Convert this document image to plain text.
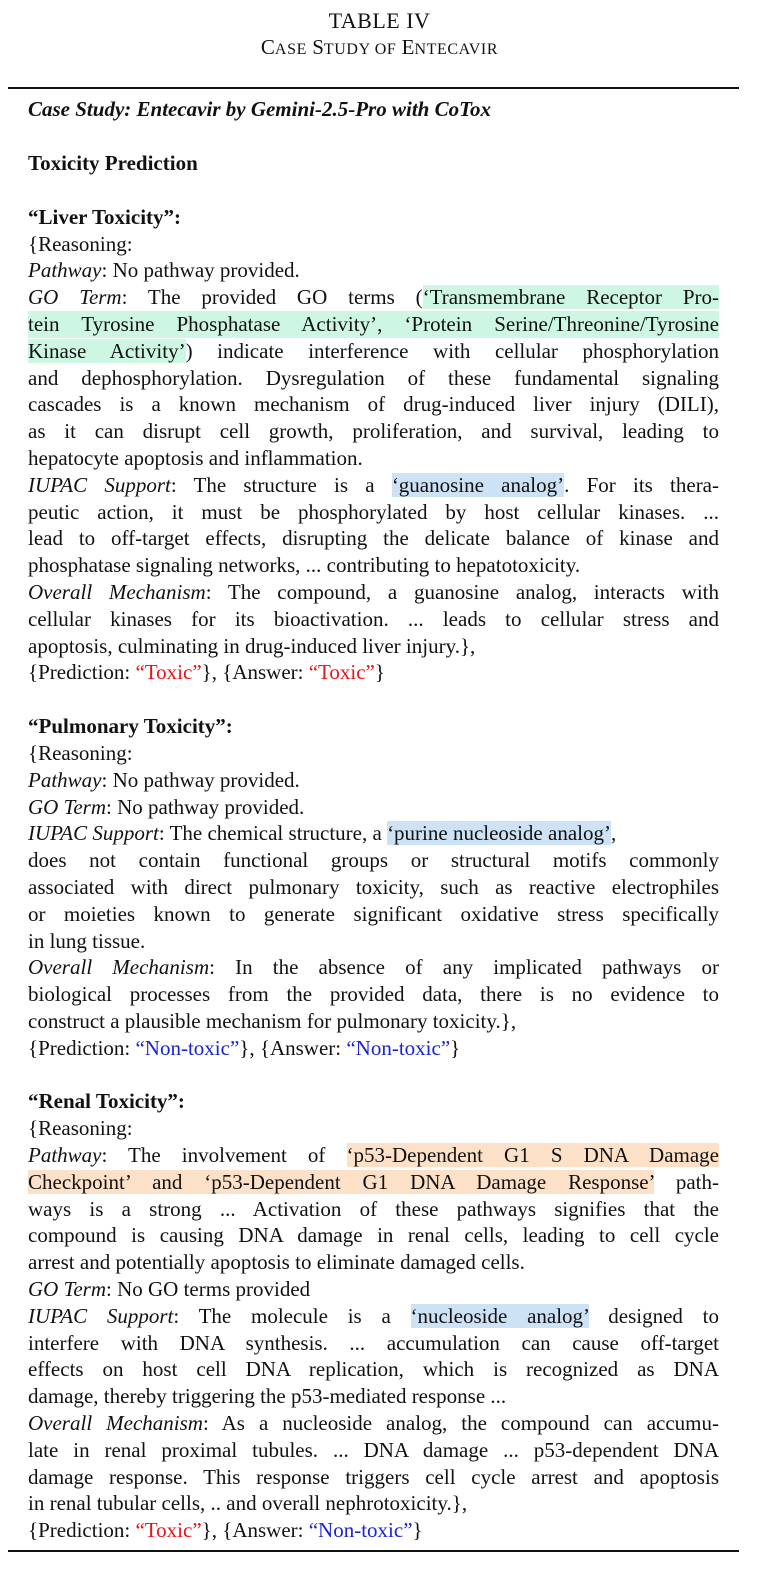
TABLE IV
CASE STUDY OF ENTECAVIR
Case Study: Entecavir by Gemini-2.5-Pro with CoTox
Toxicity Prediction
“Liver Toxicity”:
{Reasoning:
Pathway: No pathway provided.
GO Term: The provided GO terms (‘Transmembrane Receptor Pro-
tein Tyrosine Phosphatase Activity’, ‘Protein Serine/Threonine/Tyrosine
Kinase Activity’) indicate interference with cellular phosphorylation
and dephosphorylation. Dysregulation of these fundamental signaling
cascades is a known mechanism of drug-induced liver injury (DILI),
as it can disrupt cell growth, proliferation, and survival, leading to
hepatocyte apoptosis and inflammation.
IUPAC Support: The structure is a ‘guanosine analog’. For its thera-
peutic action, it must be phosphorylated by host cellular kinases. ...
lead to off-target effects, disrupting the delicate balance of kinase and
phosphatase signaling networks, ... contributing to hepatotoxicity.
Overall Mechanism: The compound, a guanosine analog, interacts with
cellular kinases for its bioactivation. ... leads to cellular stress and
apoptosis, culminating in drug-induced liver injury.},
{Prediction: “Toxic”}, {Answer: “Toxic”}
“Pulmonary Toxicity”:
{Reasoning:
Pathway: No pathway provided.
GO Term: No pathway provided.
IUPAC Support: The chemical structure, a ‘purine nucleoside analog’,
does not contain functional groups or structural motifs commonly
associated with direct pulmonary toxicity, such as reactive electrophiles
or moieties known to generate significant oxidative stress specifically
in lung tissue.
Overall Mechanism: In the absence of any implicated pathways or
biological processes from the provided data, there is no evidence to
construct a plausible mechanism for pulmonary toxicity.},
{Prediction: “Non-toxic”}, {Answer: “Non-toxic”}
“Renal Toxicity”:
{Reasoning:
Pathway: The involvement of ‘p53-Dependent G1 S DNA Damage
Checkpoint’ and ‘p53-Dependent G1 DNA Damage Response’ path-
ways is a strong ... Activation of these pathways signifies that the
compound is causing DNA damage in renal cells, leading to cell cycle
arrest and potentially apoptosis to eliminate damaged cells.
GO Term: No GO terms provided
IUPAC Support: The molecule is a ‘nucleoside analog’ designed to
interfere with DNA synthesis. ... accumulation can cause off-target
effects on host cell DNA replication, which is recognized as DNA
damage, thereby triggering the p53-mediated response ...
Overall Mechanism: As a nucleoside analog, the compound can accumu-
late in renal proximal tubules. ... DNA damage ... p53-dependent DNA
damage response. This response triggers cell cycle arrest and apoptosis
in renal tubular cells, .. and overall nephrotoxicity.},
{Prediction: “Toxic”}, {Answer: “Non-toxic”}
